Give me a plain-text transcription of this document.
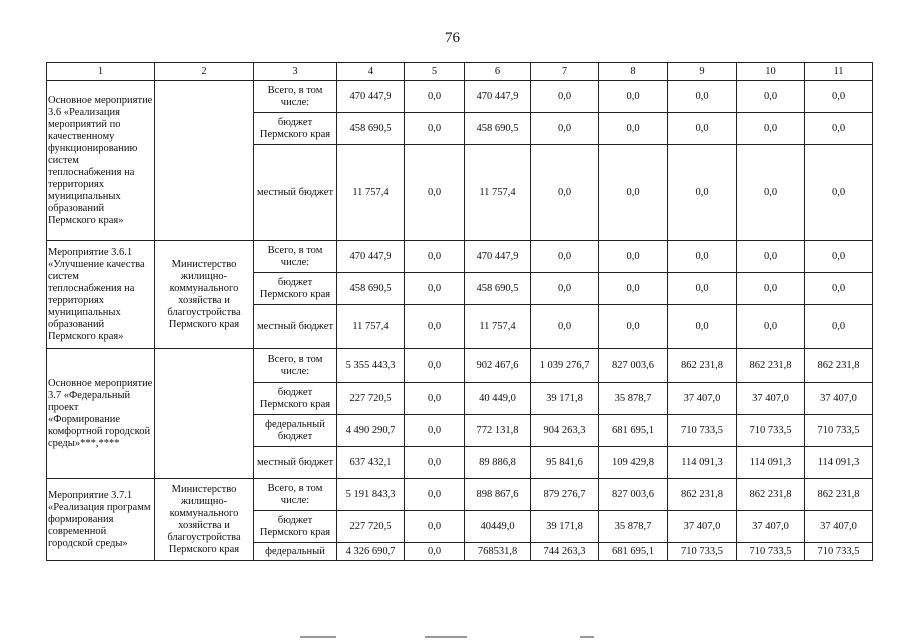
76
1	2	3	4	5	6	7	8	9	10	11
Основное мероприятие 3.6 «Реализация мероприятий по качественному функционированию систем теплоснабжения на территориях муниципальных образований Пермского края»		Всего, в том числе:	470 447,9	0,0	470 447,9	0,0	0,0	0,0	0,0	0,0
		бюджет Пермского края	458 690,5	0,0	458 690,5	0,0	0,0	0,0	0,0	0,0
		местный бюджет	11 757,4	0,0	11 757,4	0,0	0,0	0,0	0,0	0,0
Мероприятие 3.6.1 «Улучшение качества систем теплоснабжения на территориях муниципальных образований Пермского края»	Министерство жилищно-коммунального хозяйства и благоустройства Пермского края	Всего, в том числе:	470 447,9	0,0	470 447,9	0,0	0,0	0,0	0,0	0,0
		бюджет Пермского края	458 690,5	0,0	458 690,5	0,0	0,0	0,0	0,0	0,0
		местный бюджет	11 757,4	0,0	11 757,4	0,0	0,0	0,0	0,0	0,0
Основное мероприятие 3.7 «Федеральный проект «Формирование комфортной городской среды»***,****		Всего, в том числе:	5 355 443,3	0,0	902 467,6	1 039 276,7	827 003,6	862 231,8	862 231,8	862 231,8
		бюджет Пермского края	227 720,5	0,0	40 449,0	39 171,8	35 878,7	37 407,0	37 407,0	37 407,0
		федеральный бюджет	4 490 290,7	0,0	772 131,8	904 263,3	681 695,1	710 733,5	710 733,5	710 733,5
		местный бюджет	637 432,1	0,0	89 886,8	95 841,6	109 429,8	114 091,3	114 091,3	114 091,3
Мероприятие 3.7.1 «Реализация программ формирования современной городской среды»	Министерство жилищно-коммунального хозяйства и благоустройства Пермского края	Всего, в том числе:	5 191 843,3	0,0	898 867,6	879 276,7	827 003,6	862 231,8	862 231,8	862 231,8
		бюджет Пермского края	227 720,5	0,0	40449,0	39 171,8	35 878,7	37 407,0	37 407,0	37 407,0
		федеральный	4 326 690,7	0,0	768531,8	744 263,3	681 695,1	710 733,5	710 733,5	710 733,5
